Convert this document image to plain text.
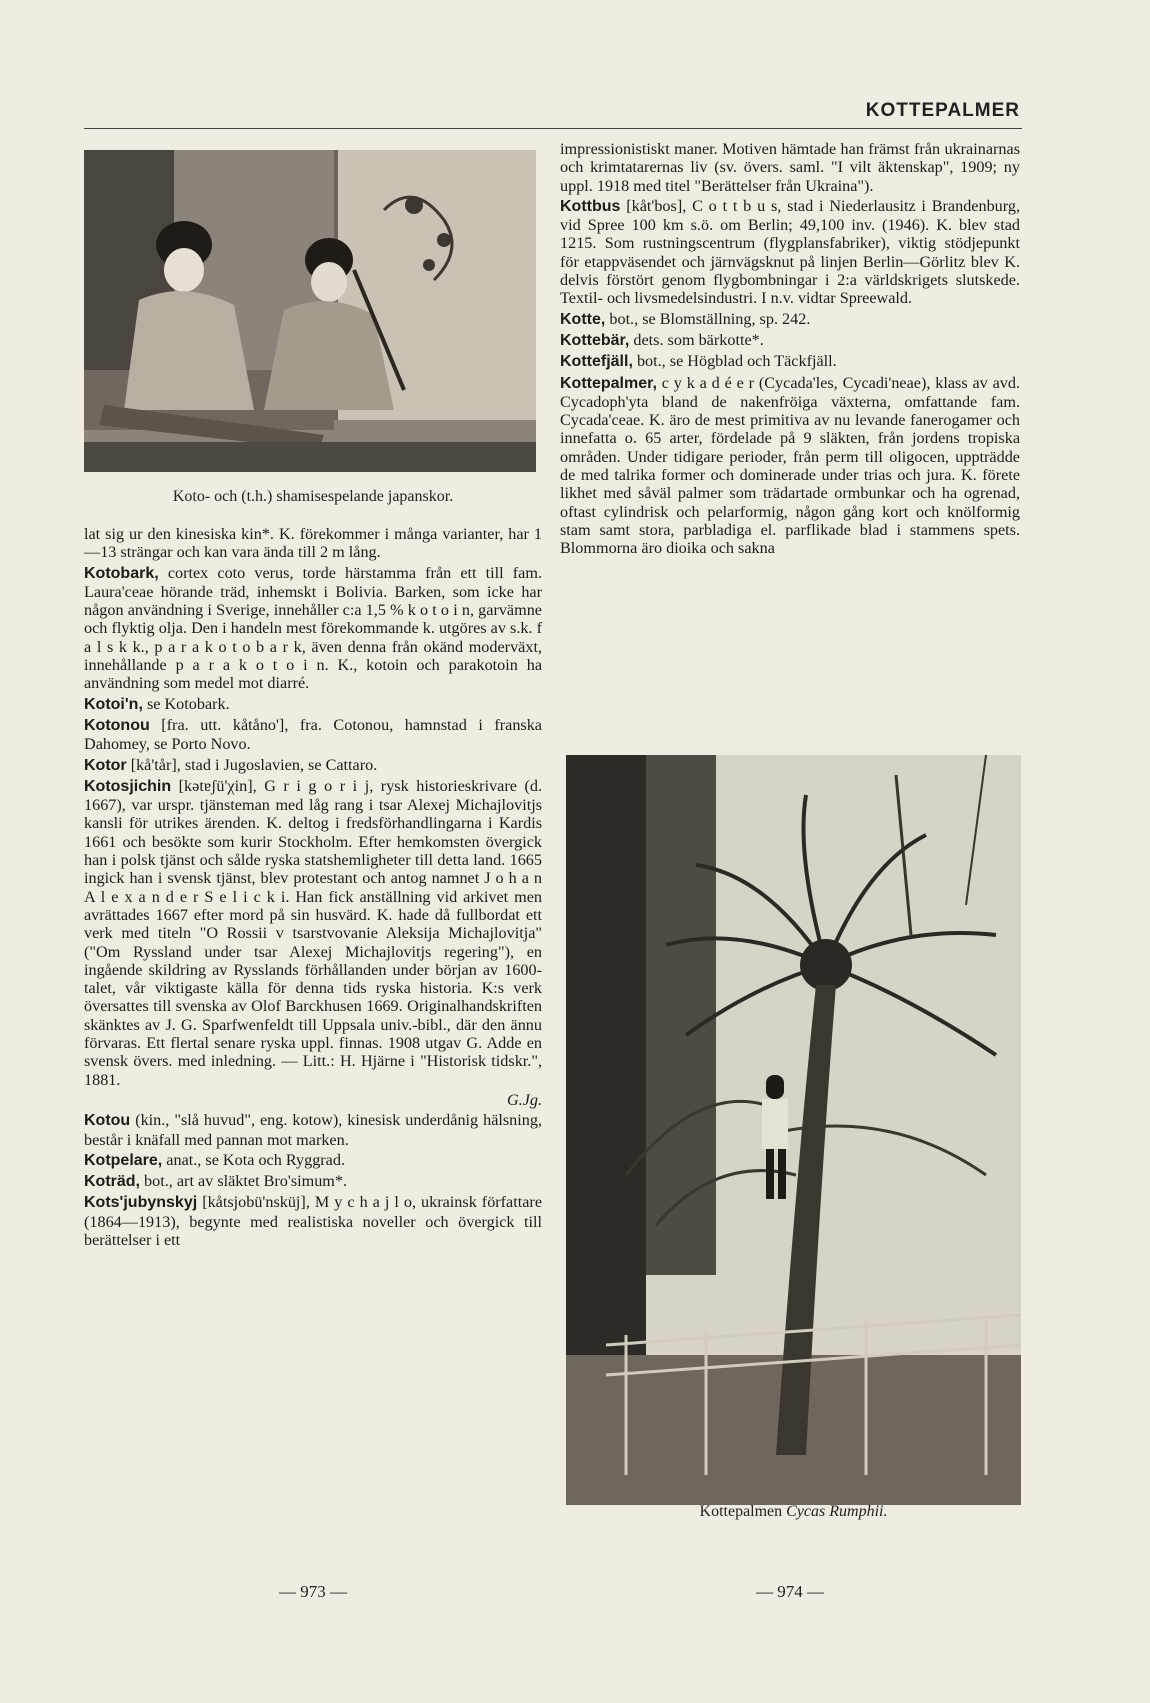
KOTTEPALMER
Koto- och (t.h.) shamisespelande japanskor.

lat sig ur den kinesiska kin*. K. förekommer i många varianter, har 1—13 strängar och kan vara ända till 2 m lång.

Kotobark, cortex coto verus, torde härstamma från ett till fam. Laura'ceae hörande träd, inhemskt i Bolivia. Barken, som icke har någon användning i Sverige, innehåller c:a 1,5 % k o t o i n, garvämne och flyktig olja. Den i handeln mest förekommande k. utgöres av s.k. f a l s k k., p a r a k o t o b a r k, även denna från okänd moderväxt, innehållande p a r a k o t o i n. K., kotoin och parakotoin ha användning som medel mot diarré.

Kotoi'n, se Kotobark.

Kotonou [fra. utt. kåtåno'], fra. Cotonou, hamnstad i franska Dahomey, se Porto Novo.

Kotor [kå'tår], stad i Jugoslavien, se Cattaro.

Kotosjichin [kətɐʃü'χin], G r i g o r i j, rysk historieskrivare (d. 1667), var urspr. tjänsteman med låg rang i tsar Alexej Michajlovitjs kansli för utrikes ärenden. K. deltog i fredsförhandlingarna i Kardis 1661 och besökte som kurir Stockholm. Efter hemkomsten övergick han i polsk tjänst och sålde ryska statshemligheter till detta land. 1665 ingick han i svensk tjänst, blev protestant och antog namnet J o h a n A l e x a n d e r S e l i c k i. Han fick anställning vid arkivet men avrättades 1667 efter mord på sin husvärd. K. hade då fullbordat ett verk med titeln "O Rossii v tsarstvovanie Aleksija Michajlovitja" ("Om Ryssland under tsar Alexej Michajlovitjs regering"), en ingående skildring av Rysslands förhållanden under början av 1600-talet, vår viktigaste källa för denna tids ryska historia. K:s verk översattes till svenska av Olof Barckhusen 1669. Originalhandskriften skänktes av J. G. Sparfwenfeldt till Uppsala univ.-bibl., där den ännu förvaras. Ett flertal senare ryska uppl. finnas. 1908 utgav G. Adde en svensk övers. med inledning. — Litt.: H. Hjärne i "Historisk tidskr.", 1881.

G.Jg.

Kotou (kin., "slå huvud", eng. kotow), kinesisk underdånig hälsning, består i knäfall med pannan mot marken.

Kotpelare, anat., se Kota och Ryggrad.

Koträd, bot., art av släktet Bro'simum*.

Kots'jubynskyj [kåtsjobü'nsküj], M y c h a j l o, ukrainsk författare (1864—1913), begynte med realistiska noveller och övergick till berättelser i ett

impressionistiskt maner. Motiven hämtade han främst från ukrainarnas och krimtatarernas liv (sv. övers. saml. "I vilt äktenskap", 1909; ny uppl. 1918 med titel "Berättelser från Ukraina").

Kottbus [kåt'bos], C o t t b u s, stad i Niederlausitz i Brandenburg, vid Spree 100 km s.ö. om Berlin; 49,100 inv. (1946). K. blev stad 1215. Som rustningscentrum (flygplansfabriker), viktig stödjepunkt för etappväsendet och järnvägsknut på linjen Berlin—Görlitz blev K. delvis förstört genom flygbombningar i 2:a världskrigets slutskede. Textil- och livsmedelsindustri. I n.v. vidtar Spreewald.

Kotte, bot., se Blomställning, sp. 242.

Kottebär, dets. som bärkotte*.

Kottefjäll, bot., se Högblad och Täckfjäll.

Kottepalmer, c y k a d é e r (Cycada'les, Cycadi'neae), klass av avd. Cycadoph'yta bland de nakenfröiga växterna, omfattande fam. Cycada'ceae. K. äro de mest primitiva av nu levande fanerogamer och innefatta o. 65 arter, fördelade på 9 släkten, från jordens tropiska områden. Under tidigare perioder, från perm till oligocen, uppträdde de med talrika former och dominerade under trias och jura. K. förete likhet med såväl palmer som trädartade ormbunkar och ha ogrenad, oftast cylindrisk och pelarformig, någon gång kort och knölformig stam samt stora, parbladiga el. parflikade blad i stammens spets. Blommorna äro dioika och sakna

Kottepalmen Cycas Rumphii.
— 973 —	— 974 —
